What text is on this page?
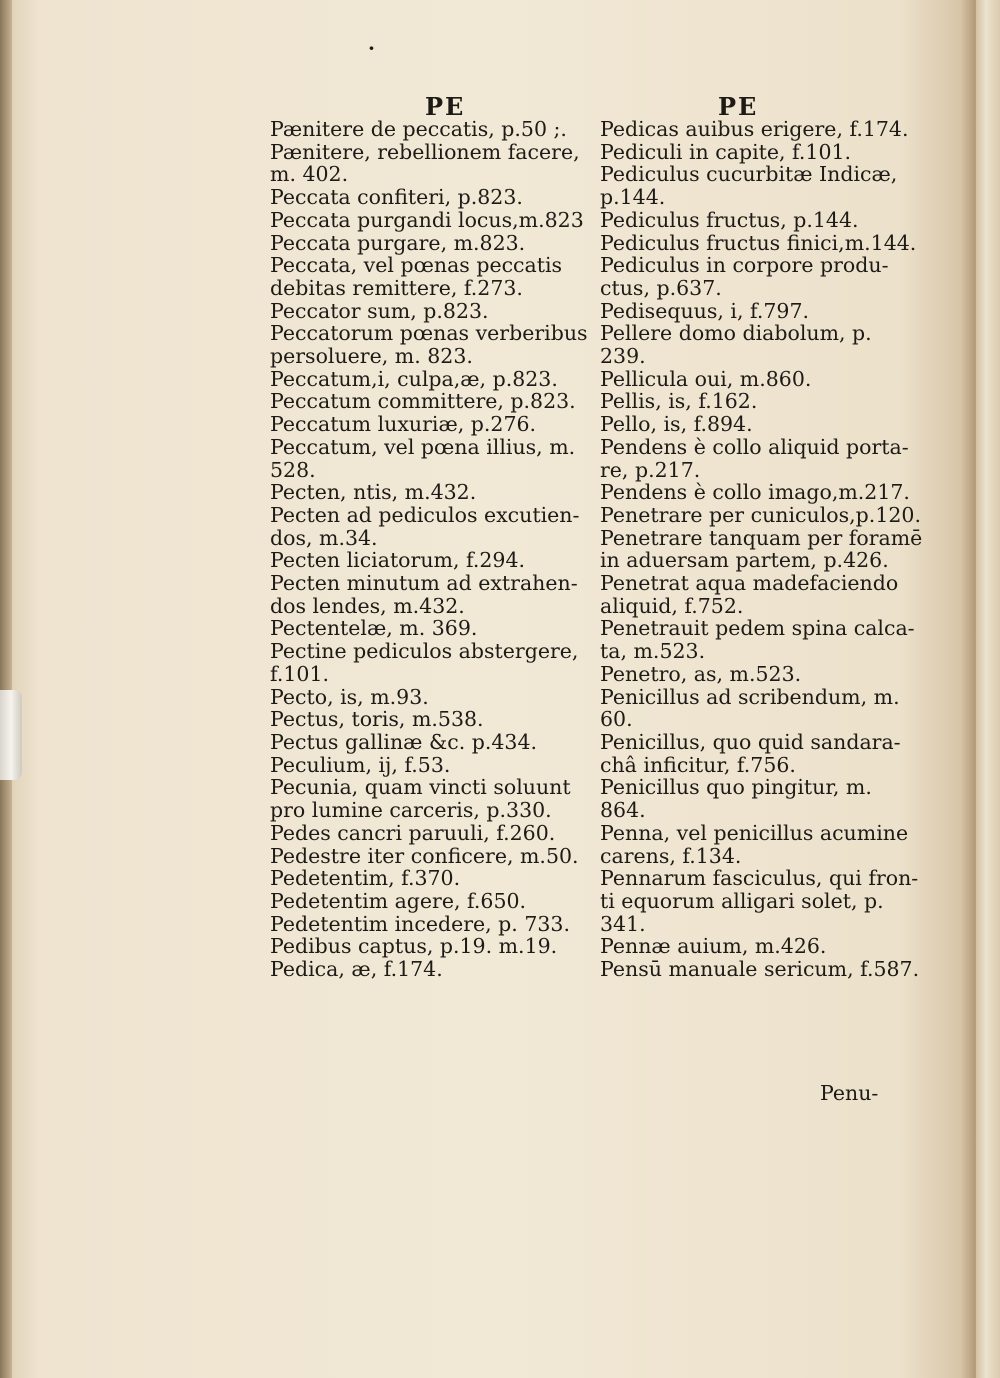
·
PE	PE
Pænitere de peccatis, p.50 ;.
Pænitere, rebellionem facere,
m. 402.
Peccata confiteri, p.823.
Peccata purgandi locus,m.823
Peccata purgare, m.823.
Peccata, vel pœnas peccatis
debitas remittere, f.273.
Peccator sum, p.823.
Peccatorum pœnas verberibus
persoluere, m. 823.
Peccatum,i, culpa,æ, p.823.
Peccatum committere, p.823.
Peccatum luxuriæ, p.276.
Peccatum, vel pœna illius, m.
528.
Pecten, ntis, m.432.
Pecten ad pediculos excutien-
dos, m.34.
Pecten liciatorum, f.294.
Pecten minutum ad extrahen-
dos lendes, m.432.
Pectentelæ, m. 369.
Pectine pediculos abstergere,
f.101.
Pecto, is, m.93.
Pectus, toris, m.538.
Pectus gallinæ &c. p.434.
Peculium, ij, f.53.
Pecunia, quam vincti soluunt
pro lumine carceris, p.330.
Pedes cancri paruuli, f.260.
Pedestre iter conficere, m.50.
Pedetentim, f.370.
Pedetentim agere, f.650.
Pedetentim incedere, p. 733.
Pedibus captus, p.19. m.19.
Pedica, æ, f.174.
Pedicas auibus erigere, f.174.
Pediculi in capite, f.101.
Pediculus cucurbitæ Indicæ,
p.144.
Pediculus fructus, p.144.
Pediculus fructus finici,m.144.
Pediculus in corpore produ-
ctus, p.637.
Pedisequus, i, f.797.
Pellere domo diabolum, p.
239.
Pellicula oui, m.860.
Pellis, is, f.162.
Pello, is, f.894.
Pendens è collo aliquid porta-
re, p.217.
Pendens è collo imago,m.217.
Penetrare per cuniculos,p.120.
Penetrare tanquam per foramē
in aduersam partem, p.426.
Penetrat aqua madefaciendo
aliquid, f.752.
Penetrauit pedem spina calca-
ta, m.523.
Penetro, as, m.523.
Penicillus ad scribendum, m.
60.
Penicillus, quo quid sandara-
châ inficitur, f.756.
Penicillus quo pingitur, m.
864.
Penna, vel penicillus acumine
carens, f.134.
Pennarum fasciculus, qui fron-
ti equorum alligari solet, p.
341.
Pennæ auium, m.426.
Pensū manuale sericum, f.587.
Penu-
